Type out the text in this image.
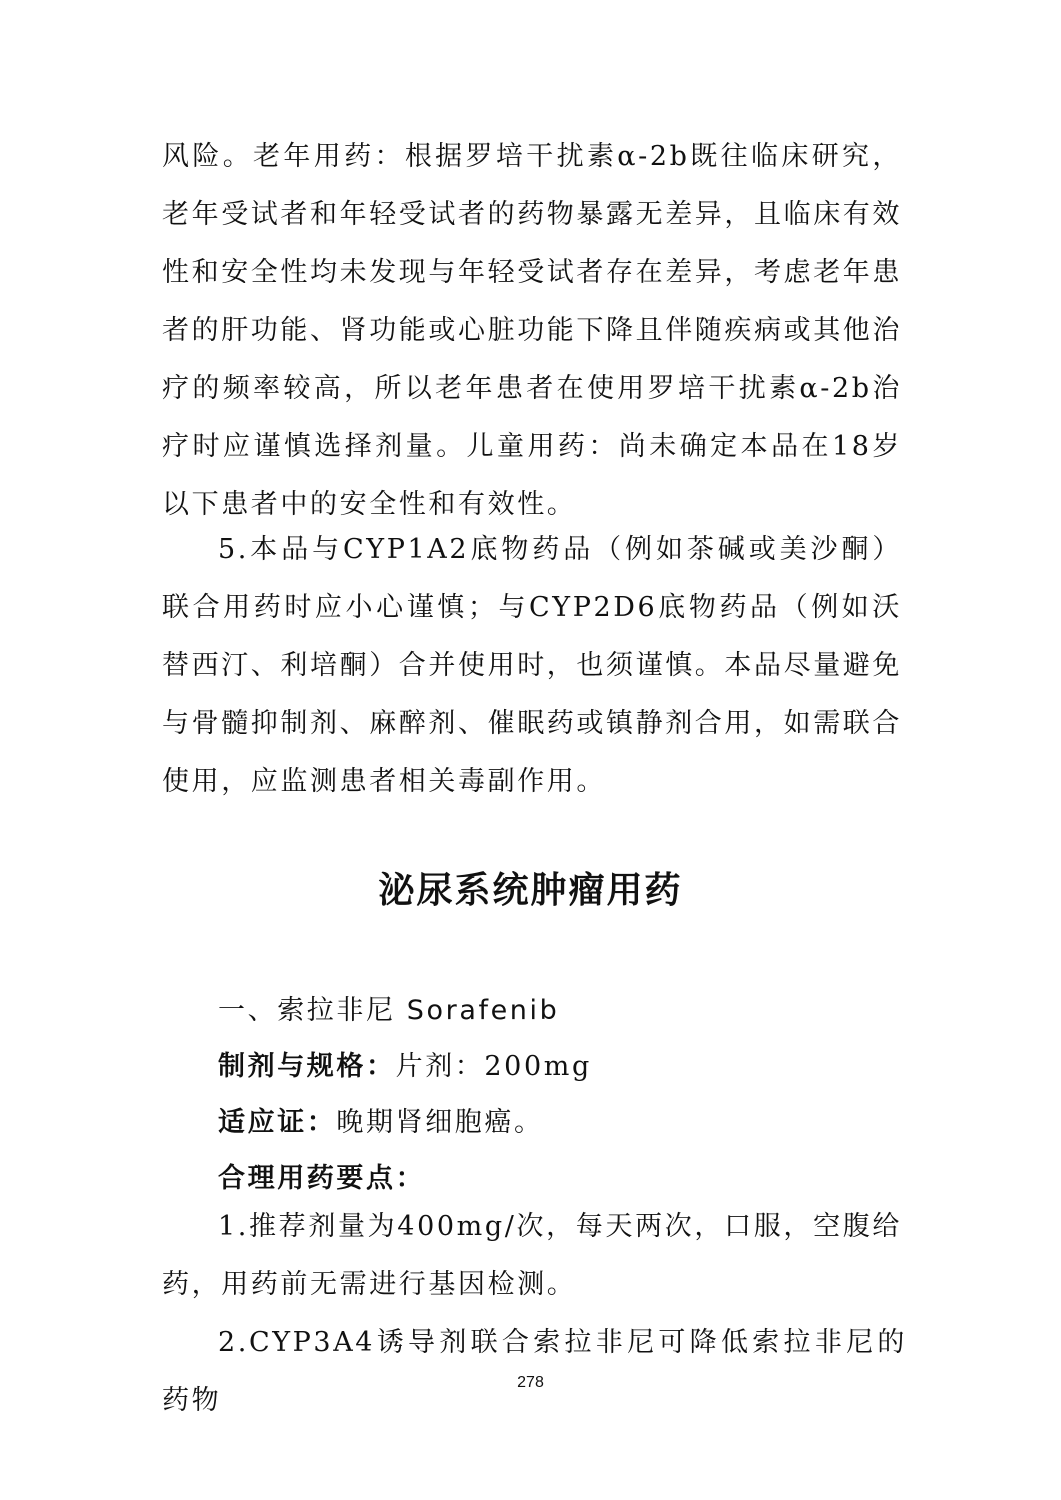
风险。老年用药：根据罗培干扰素α-2b既往临床研究，老年受试者和年轻受试者的药物暴露无差异，且临床有效性和安全性均未发现与年轻受试者存在差异，考虑老年患者的肝功能、肾功能或心脏功能下降且伴随疾病或其他治疗的频率较高，所以老年患者在使用罗培干扰素α-2b治疗时应谨慎选择剂量。儿童用药：尚未确定本品在18岁以下患者中的安全性和有效性。

5.本品与CYP1A2底物药品（例如茶碱或美沙酮）联合用药时应小心谨慎；与CYP2D6底物药品（例如沃替西汀、利培酮）合并使用时，也须谨慎。本品尽量避免与骨髓抑制剂、麻醉剂、催眠药或镇静剂合用，如需联合使用，应监测患者相关毒副作用。

泌尿系统肿瘤用药
一、索拉非尼 Sorafenib
制剂与规格：片剂：200mg
适应证：晚期肾细胞癌。
合理用药要点：

1.推荐剂量为400mg/次，每天两次，口服，空腹给药，用药前无需进行基因检测。

2.CYP3A4诱导剂联合索拉非尼可降低索拉非尼的药物

278
